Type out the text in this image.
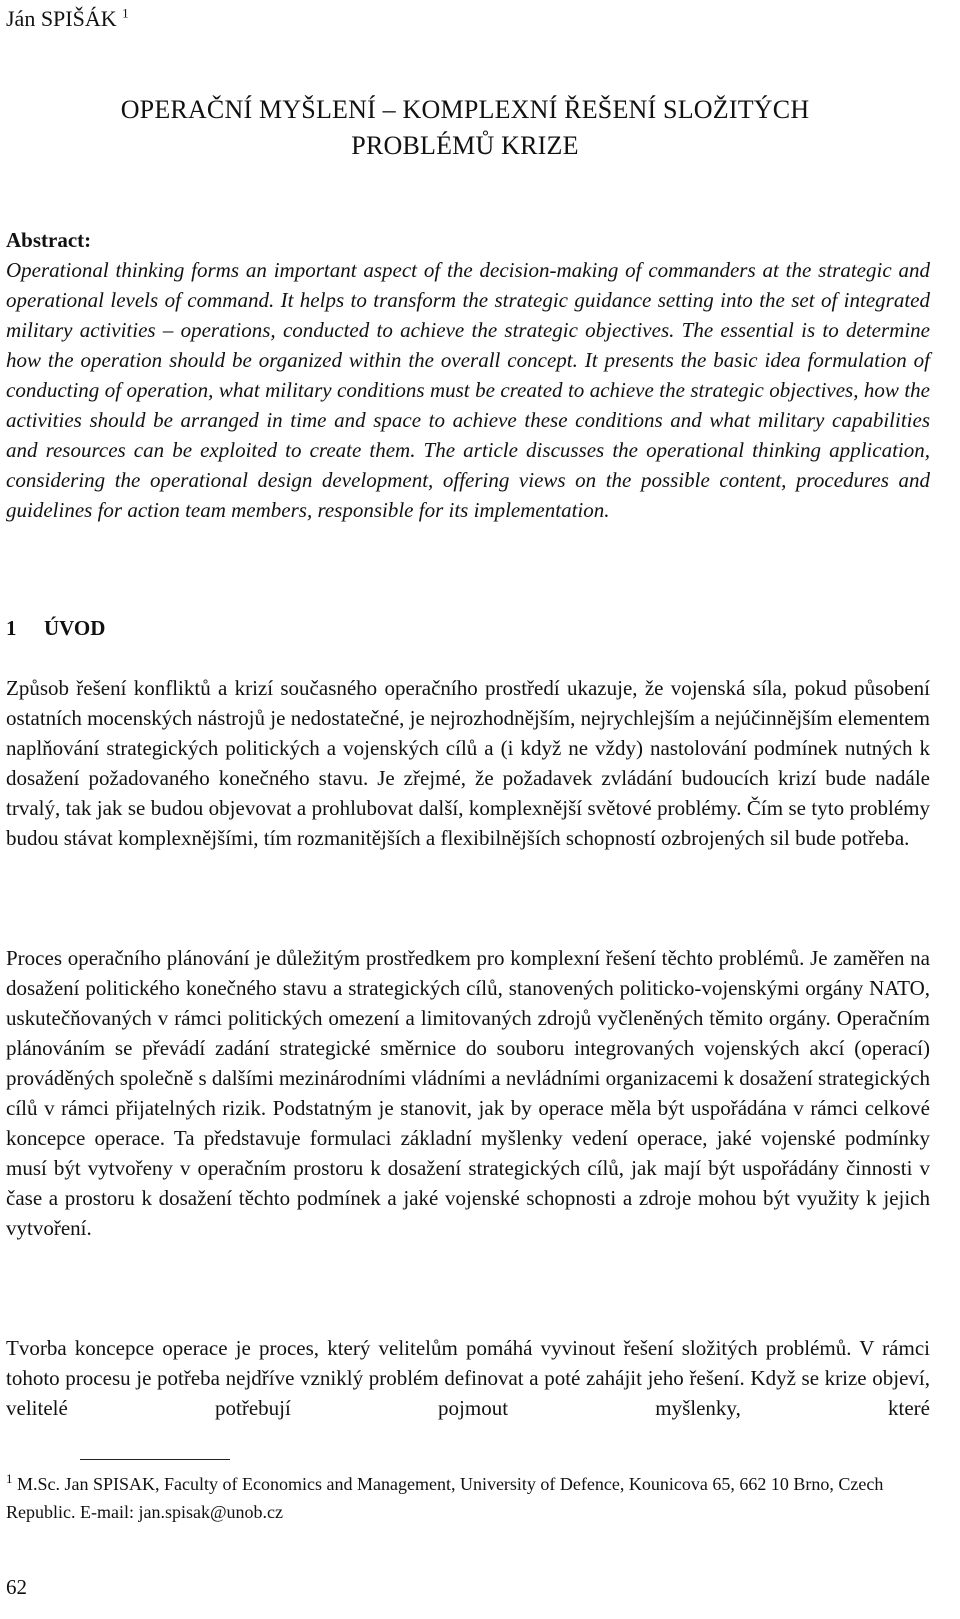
Ján SPIŠÁK $^1$
OPERAČNÍ MYŠLENÍ – KOMPLEXNÍ ŘEŠENÍ SLOŽITÝCH
PROBLÉMŮ KRIZE
Abstract:
Operational thinking forms an important aspect of the decision-making of commanders at the strategic and operational levels of command. It helps to transform the strategic guidance setting into the set of integrated military activities – operations, conducted to achieve the strategic objectives. The essential is to determine how the operation should be organized within the overall concept. It presents the basic idea formulation of conducting of operation, what military conditions must be created to achieve the strategic objectives, how the activities should be arranged in time and space to achieve these conditions and what military capabilities and resources can be exploited to create them. The article discusses the operational thinking application, considering the operational design development, offering views on the possible content, procedures and guidelines for action team members, responsible for its implementation.
1	ÚVOD

Způsob řešení konfliktů a krizí současného operačního prostředí ukazuje, že vojenská síla, pokud působení ostatních mocenských nástrojů je nedostatečné, je nejrozhodnějším, nejrychlejším a nejúčinnějším elementem naplňování strategických politických a vojenských cílů a (i když ne vždy) nastolování podmínek nutných k dosažení požadovaného konečného stavu. Je zřejmé, že požadavek zvládání budoucích krizí bude nadále trvalý, tak jak se budou objevovat a prohlubovat další, komplexnější světové problémy. Čím se tyto problémy budou stávat komplexnějšími, tím rozmanitějších a flexibilnějších schopností ozbrojených sil bude potřeba.

Proces operačního plánování je důležitým prostředkem pro komplexní řešení těchto problémů. Je zaměřen na dosažení politického konečného stavu a strategických cílů, stanovených politicko-vojenskými orgány NATO, uskutečňovaných v rámci politických omezení a limitovaných zdrojů vyčleněných těmito orgány. Operačním plánováním se převádí zadání strategické směrnice do souboru integrovaných vojenských akcí (operací) prováděných společně s dalšími mezinárodními vládními a nevládními organizacemi k dosažení strategických cílů v rámci přijatelných rizik. Podstatným je stanovit, jak by operace měla být uspořádána v rámci celkové koncepce operace. Ta představuje formulaci základní myšlenky vedení operace, jaké vojenské podmínky musí být vytvořeny v operačním prostoru k dosažení strategických cílů, jak mají být uspořádány činnosti v čase a prostoru k dosažení těchto podmínek a jaké vojenské schopnosti a zdroje mohou být využity k jejich vytvoření.

Tvorba koncepce operace je proces, který velitelům pomáhá vyvinout řešení složitých problémů. V rámci tohoto procesu je potřeba nejdříve vzniklý problém definovat a poté zahájit jeho řešení. Když se krize objeví, velitelé potřebují pojmout myšlenky, které

$^1$ M.Sc. Jan SPISAK, Faculty of Economics and Management, University of Defence, Kounicova 65, 662 10 Brno, Czech Republic. E-mail: jan.spisak@unob.cz
62
